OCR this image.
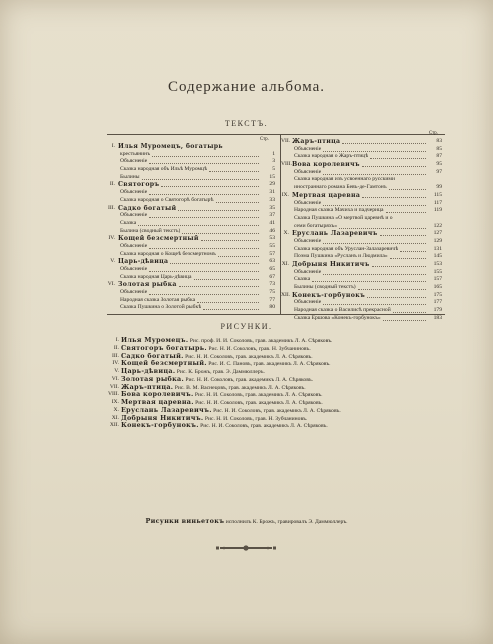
Содержание альбома.
ТЕКСТЪ.
Стр.
Стр.
I. Илья Муромецъ, богатырь
крестьянинъ	1
Объясненіе	3
Сказка народная объ Ильѣ Муромцѣ	5
Былины	15
II. Святогоръ	29
Объясненіе	31
Сказка народная о Святогорѣ богатырѣ	33
III. Садко богатый	35
Объясненіе	37
Сказка	41
Былина (сводный текстъ)	46
IV. Кощей безсмертный	53
Объясненіе	55
Сказка народная о Кощеѣ безсмертномъ	57
V. Царь-дѣвица	63
Объясненіе	65
Сказка народная Царь-дѣвица	67
VI. Золотая рыбка	73
Объясненіе	75
Народная сказка Золотая рыбка	77
Сказка Пушкина о Золотой рыбкѣ	80
VII. Жаръ-птица	83
Объясненіе	85
Сказка народная о Жаръ-птицѣ	87
VIII. Вова королевичъ	95
Объясненіе	97
Сказка народная изъ усвоеннаго русскими
иностраннаго романа Бевъ-де-Гамтонъ	99
IX. Мертвая царевна	115
Объясненіе	117
Народная сказка Мачиха и падчерица	119
Сказка Пушкина «О мертвой царевнѣ и о
семи богатыряхъ»	122
X. Еруслань Лазаревичъ	127
Объясненіе	129
Сказка народная объ Уруслан-Залазаревичѣ	131
Поэма Пушкина «Русланъ и Людмила»	145
XI. Добрыня Никитичъ	153
Объясненіе	155
Сказка	157
Былины (сводный текстъ)	165
XII. Конекъ-горбунокъ	175
Объясненіе	177
Народная сказка о Василисѣ прекрасной	179
Сказка Ершова «Конекъ-горбунокъ»	183
РИСУНКИ.
I. Илья Муромецъ. Рис. проф. И. И. Соколовъ, грав. академикъ Л. А. Сѣряковъ.
II. Святогоръ богатырь. Рис. Н. И. Соколовъ, грав. Н. Зубчаниновъ.
III. Садко богатый. Рис. Н. И. Соколовъ, грав. академикъ Л. А. Сѣряковъ.
IV. Кощей безсмертный. Рис. И. С. Пановъ, грав. академикъ Л. А. Сѣряковъ.
V. Царь-дѣвица. Рис. К. Брожъ, грав. Э. Даммюллеръ.
VI. Золотая рыбка. Рис. Н. И. Соколовъ, грав. академикъ Л. А. Сѣряковъ.
VII. Жаръ-птица. Рис. В. М. Васнецовъ, грав. академикъ Л. А. Сѣряковъ.
VIII. Бова королевичъ. Рис. Н. И. Соколовъ, грав. академикъ Л. А. Сѣряковъ.
IX. Мертвая царевна. Рис. Н. И. Соколовъ, грав. академикъ Л. А. Сѣряковъ.
X. Еруслань Лазаревичъ. Рис. Н. И. Соколовъ, грав. академикъ Л. А. Сѣряковъ.
XI. Добрыня Никитичъ. Рис. Н. И. Соколовъ, грав. Н. Зубчаниновъ.
XII. Конекъ-горбунокъ. Рис. Н. И. Соколовъ, грав. академикъ Л. А. Сѣряковъ.
Рисунки виньетокъ исполнилъ К. Брожъ, гравировалъ Э. Даммюллеръ.
